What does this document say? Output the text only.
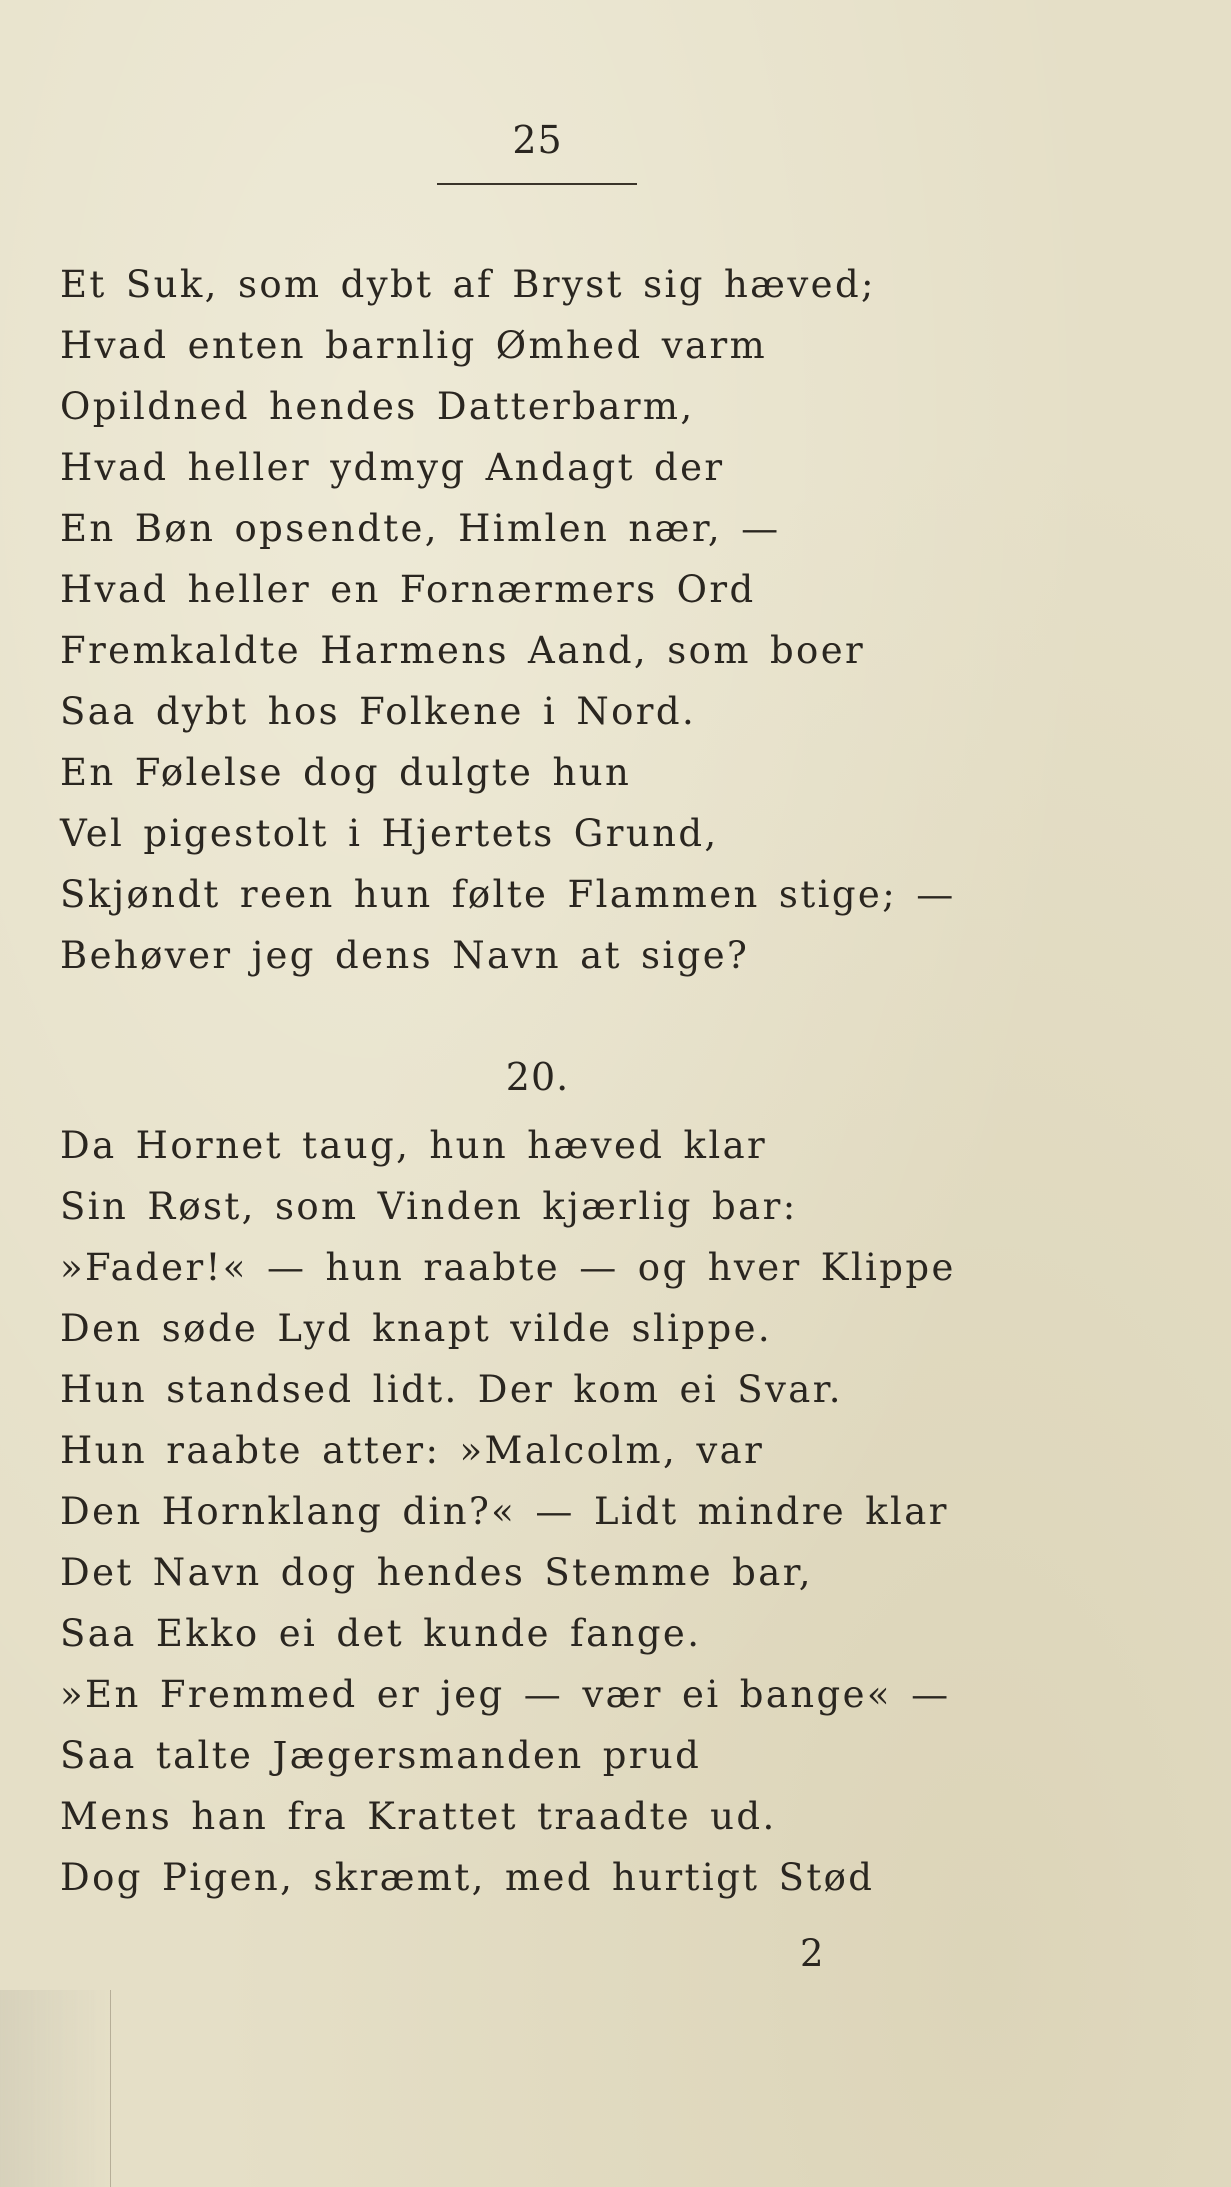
25
Et Suk, som dybt af Bryst sig hæved;
Hvad enten barnlig Ømhed varm
Opildned hendes Datterbarm,
Hvad heller ydmyg Andagt der
En Bøn opsendte, Himlen nær, —
Hvad heller en Fornærmers Ord
Fremkaldte Harmens Aand, som boer
Saa dybt hos Folkene i Nord.
En Følelse dog dulgte hun
Vel pigestolt i Hjertets Grund,
Skjøndt reen hun følte Flammen stige; —
Behøver jeg dens Navn at sige?
20.
Da Hornet taug, hun hæved klar
Sin Røst, som Vinden kjærlig bar:
»Fader!« — hun raabte — og hver Klippe
Den søde Lyd knapt vilde slippe.
Hun standsed lidt. Der kom ei Svar.
Hun raabte atter: »Malcolm, var
Den Hornklang din?« — Lidt mindre klar
Det Navn dog hendes Stemme bar,
Saa Ekko ei det kunde fange.
»En Fremmed er jeg — vær ei bange« —
Saa talte Jægersmanden prud
Mens han fra Krattet traadte ud.
Dog Pigen, skræmt, med hurtigt Stød
2
